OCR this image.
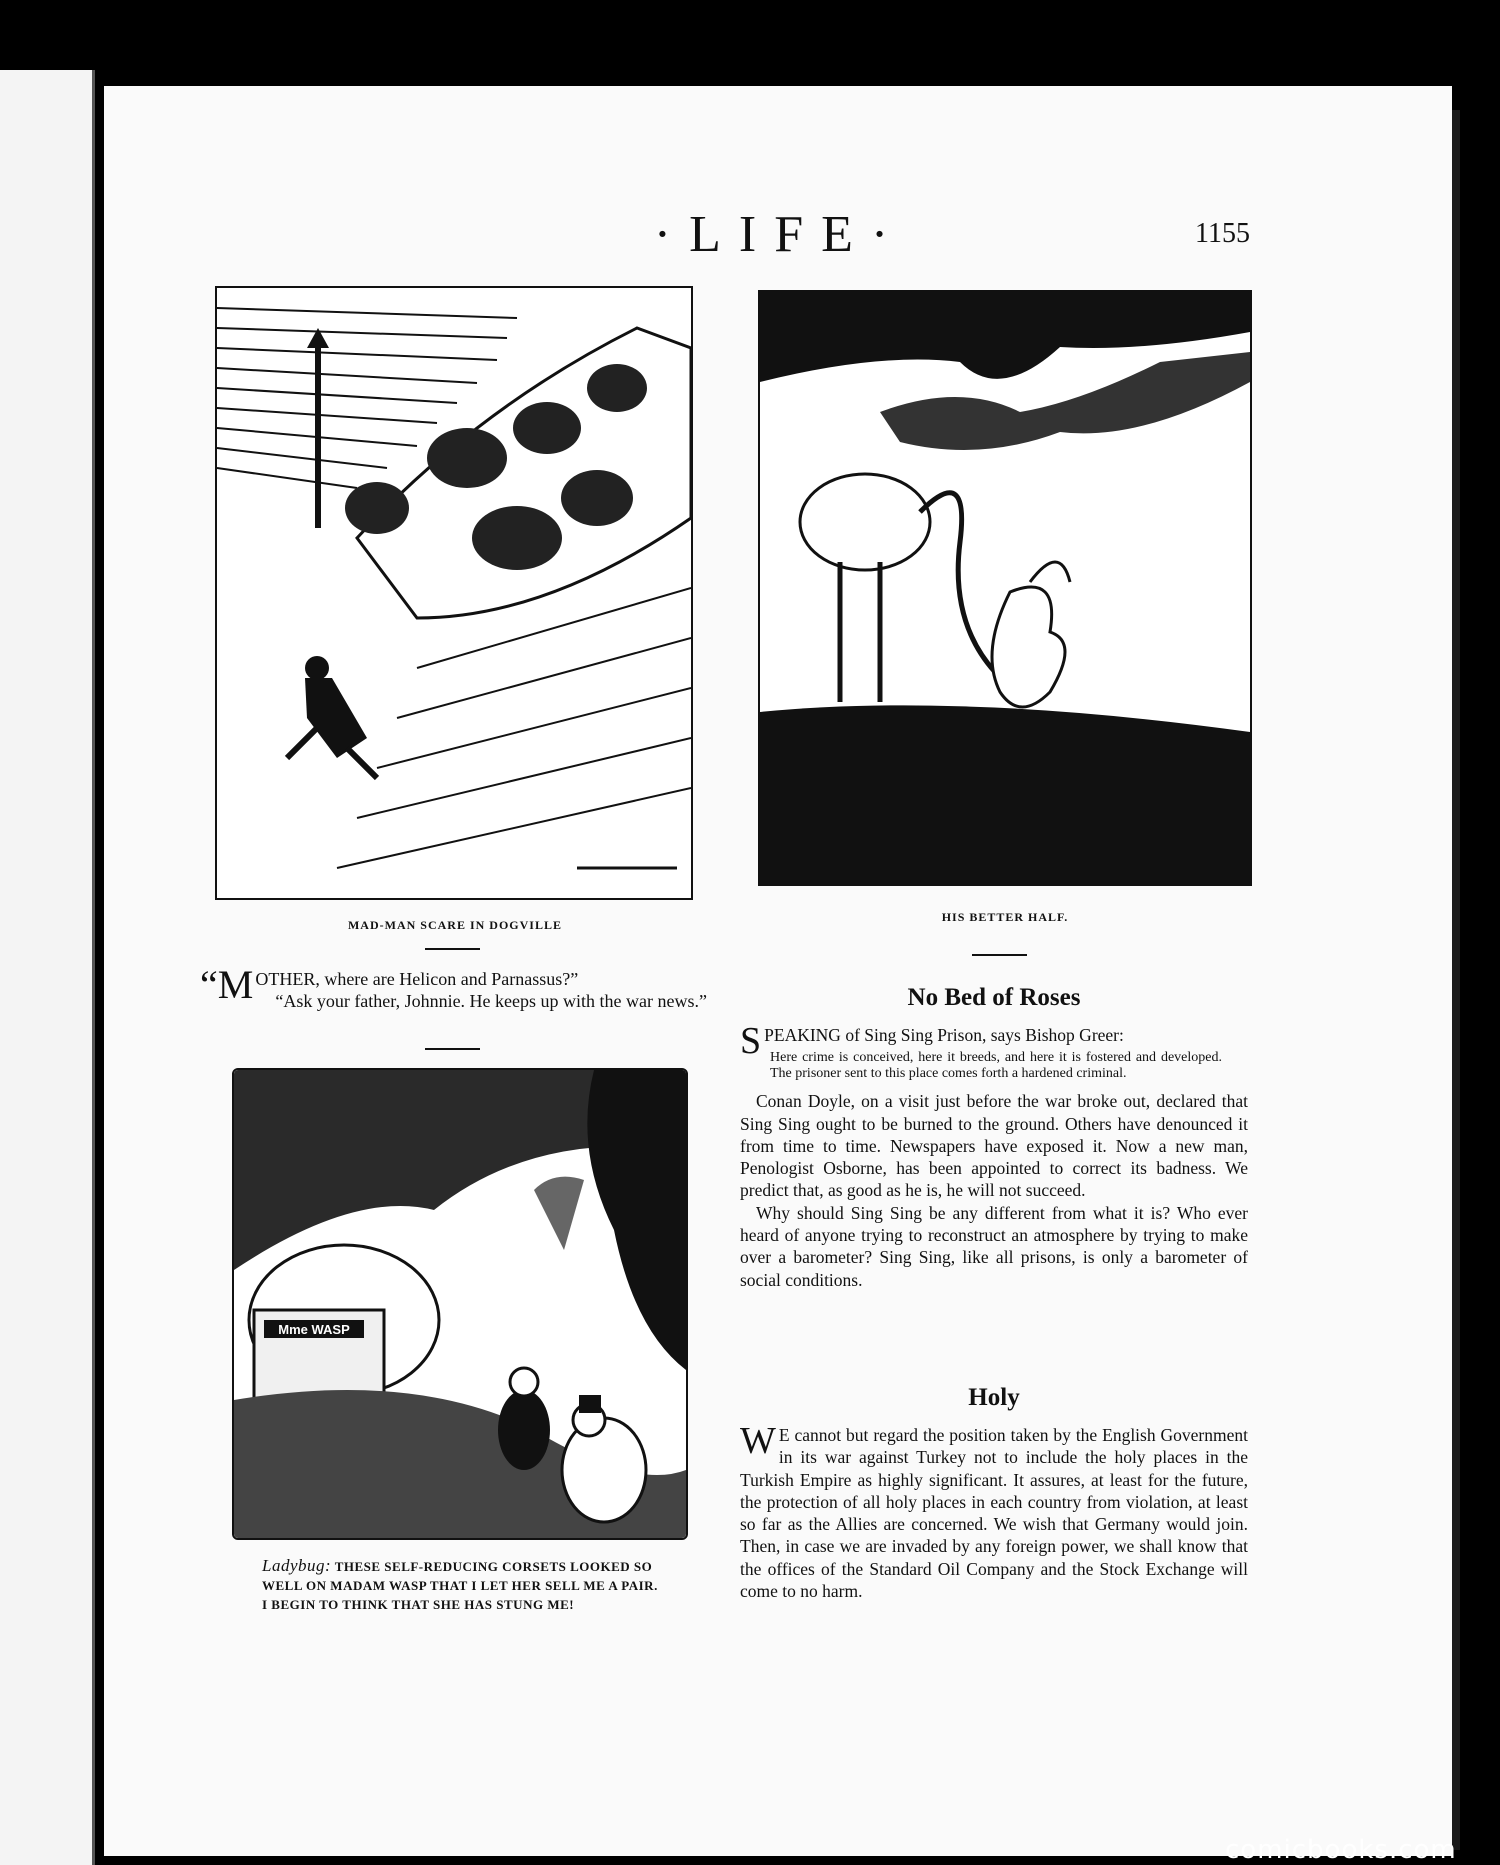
·LIFE·	1155
MAD-MAN SCARE IN DOGVILLE
HIS BETTER HALF.
“M OTHER, where are Helicon and Parnassus?”
“Ask your father, Johnnie. He keeps up with the war news.”
Mme WASP
Ladybug: THESE SELF-REDUCING CORSETS LOOKED SO WELL ON MADAM WASP THAT I LET HER SELL ME A PAIR. I BEGIN TO THINK THAT SHE HAS STUNG ME!
No Bed of Roses

SPEAKING of Sing Sing Prison, says Bishop Greer:

Here crime is conceived, here it breeds, and here it is fostered and developed. The prisoner sent to this place comes forth a hardened criminal.

Conan Doyle, on a visit just before the war broke out, declared that Sing Sing ought to be burned to the ground. Others have denounced it from time to time. Newspapers have exposed it. Now a new man, Penologist Osborne, has been appointed to correct its badness. We predict that, as good as he is, he will not succeed.

Why should Sing Sing be any different from what it is? Who ever heard of anyone trying to reconstruct an atmosphere by trying to make over a barometer? Sing Sing, like all prisons, is only a barometer of social conditions.

Holy

W E cannot but regard the position taken by the English Government in its war against Turkey not to include the holy places in the Turkish Empire as highly significant. It assures, at least for the future, the protection of all holy places in each country from violation, at least so far as the Allies are concerned. We wish that Germany would join. Then, in case we are invaded by any foreign power, we shall know that the offices of the Standard Oil Company and the Stock Exchange will come to no harm.

comicbooks.com
